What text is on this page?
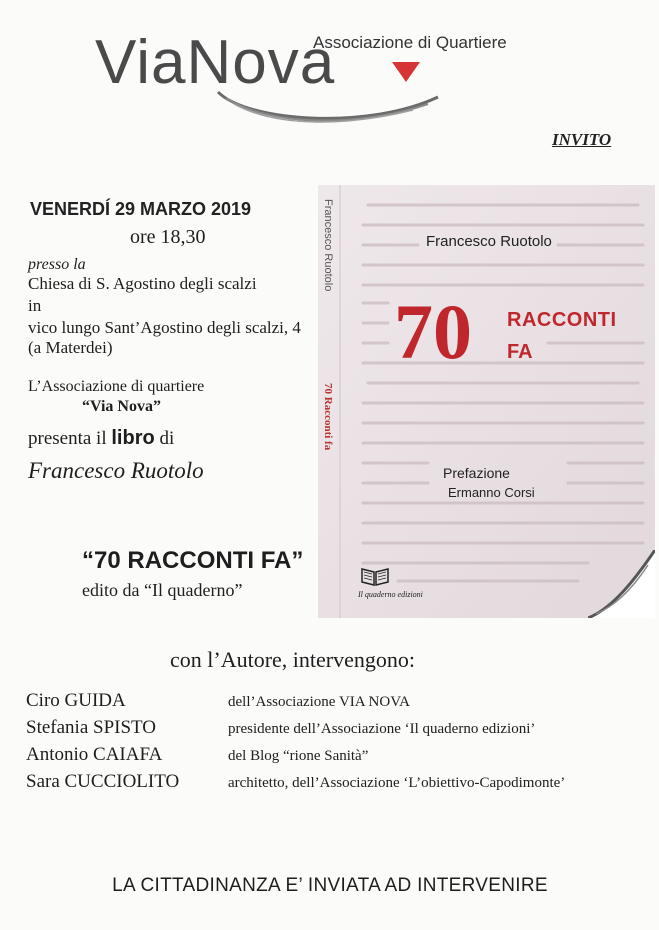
ViaNova
Associazione di Quartiere
INVITO
VENERDÍ 29 MARZO 2019
ore 18,30
presso la
Chiesa di S. Agostino degli scalzi
in
vico lungo Sant’Agostino degli scalzi, 4
(a Materdei)
L’Associazione di quartiere
“Via Nova”
presenta il libro di
Francesco Ruotolo
“70 RACCONTI FA”
edito da “Il quaderno”
Francesco Ruotolo
70 Racconti fa
Francesco Ruotolo
70 RACCONTI
FA
Prefazione
Ermanno Corsi
Il quaderno edizioni
con l’Autore, intervengono:
Ciro GUIDA	dell’Associazione VIA NOVA
Stefania SPISTO	presidente dell’Associazione ‘Il quaderno edizioni’
Antonio CAIAFA	del Blog “rione Sanità”
Sara CUCCIOLITO	architetto, dell’Associazione ‘L’obiettivo-Capodimonte’
LA CITTADINANZA E’ INVIATA AD INTERVENIRE
